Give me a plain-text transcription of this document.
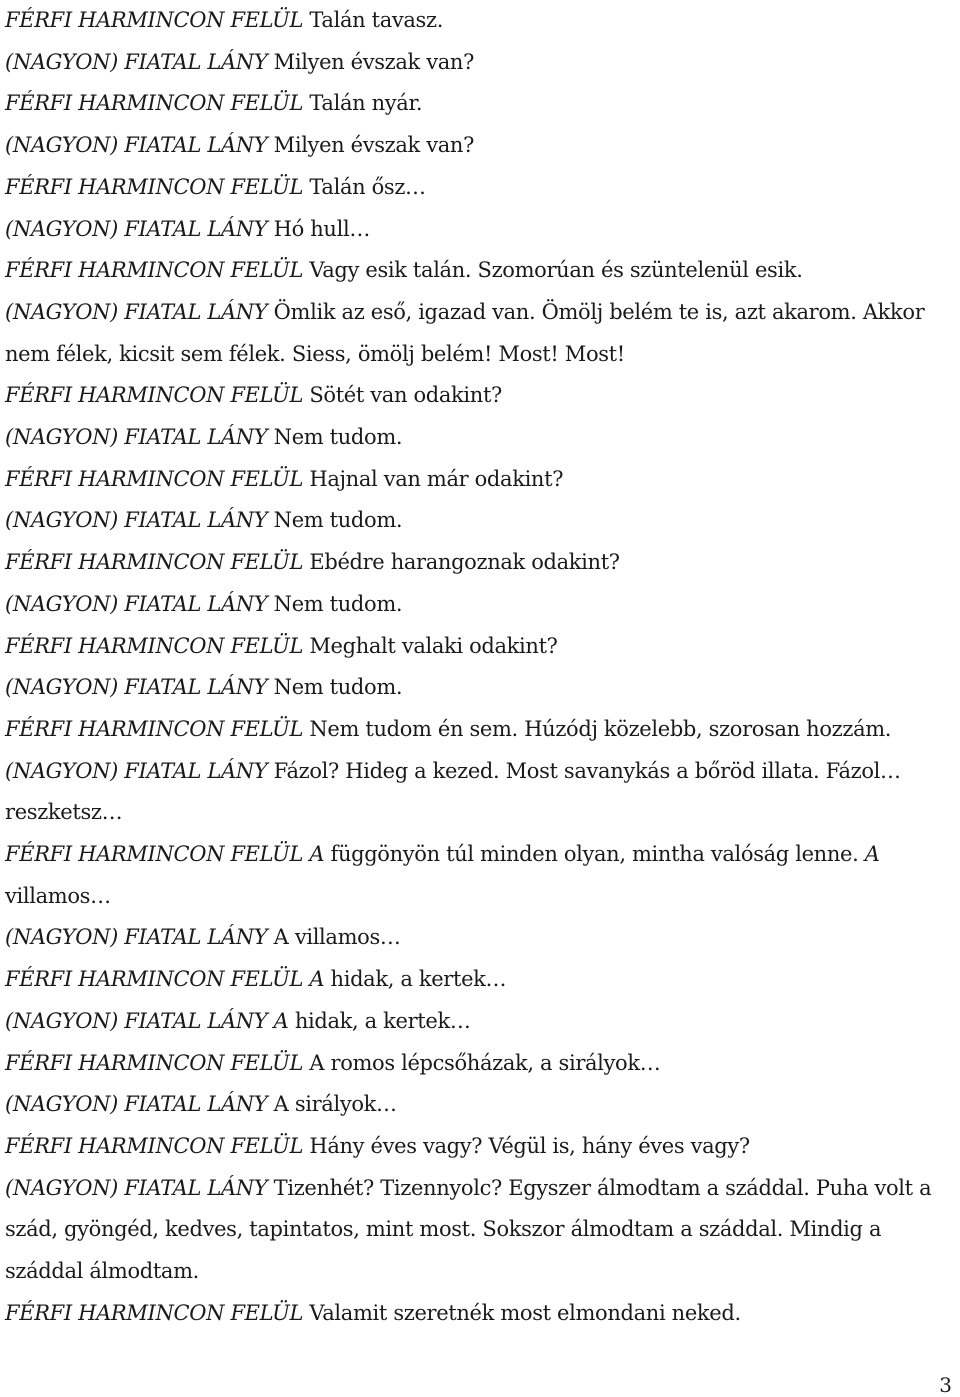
FÉRFI HARMINCON FELÜL Talán tavasz.
(NAGYON) FIATAL LÁNY Milyen évszak van?
FÉRFI HARMINCON FELÜL Talán nyár.
(NAGYON) FIATAL LÁNY Milyen évszak van?
FÉRFI HARMINCON FELÜL Talán ősz…
(NAGYON) FIATAL LÁNY Hó hull…
FÉRFI HARMINCON FELÜL Vagy esik talán. Szomorúan és szüntelenül esik.
(NAGYON) FIATAL LÁNY Ömlik az eső, igazad van. Ömölj belém te is, azt akarom. Akkor nem félek, kicsit sem félek. Siess, ömölj belém! Most! Most!
FÉRFI HARMINCON FELÜL Sötét van odakint?
(NAGYON) FIATAL LÁNY Nem tudom.
FÉRFI HARMINCON FELÜL Hajnal van már odakint?
(NAGYON) FIATAL LÁNY Nem tudom.
FÉRFI HARMINCON FELÜL Ebédre harangoznak odakint?
(NAGYON) FIATAL LÁNY Nem tudom.
FÉRFI HARMINCON FELÜL Meghalt valaki odakint?
(NAGYON) FIATAL LÁNY Nem tudom.
FÉRFI HARMINCON FELÜL Nem tudom én sem. Húzódj közelebb, szorosan hozzám.
(NAGYON) FIATAL LÁNY Fázol? Hideg a kezed. Most savanykás a bőröd illata. Fázol… reszketsz…
FÉRFI HARMINCON FELÜL A függönyön túl minden olyan, mintha valóság lenne. A villamos…
(NAGYON) FIATAL LÁNY A villamos…
FÉRFI HARMINCON FELÜL A hidak, a kertek…
(NAGYON) FIATAL LÁNY A hidak, a kertek…
FÉRFI HARMINCON FELÜL A romos lépcsőházak, a sirályok…
(NAGYON) FIATAL LÁNY A sirályok…
FÉRFI HARMINCON FELÜL Hány éves vagy? Végül is, hány éves vagy?
(NAGYON) FIATAL LÁNY Tizenhét? Tizennyolc? Egyszer álmodtam a száddal. Puha volt a szád, gyöngéd, kedves, tapintatos, mint most. Sokszor álmodtam a száddal. Mindig a száddal álmodtam.
FÉRFI HARMINCON FELÜL Valamit szeretnék most elmondani neked.
3
